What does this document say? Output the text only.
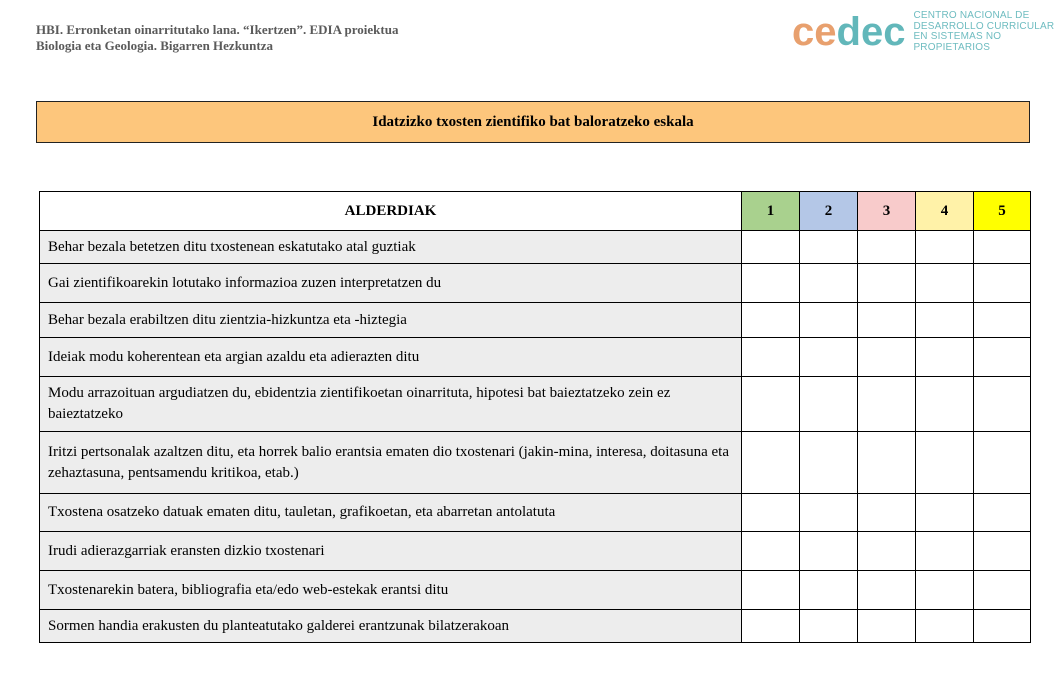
HBI. Erronketan oinarritutako lana. “Ikertzen”. EDIA proiektua
Biologia eta Geologia. Bigarren Hezkuntza	cedec CENTRO NACIONAL DE
DESARROLLO CURRICULAR
EN SISTEMAS NO PROPIETARIOS
Idatzizko txosten zientifiko bat baloratzeko eskala
ALDERDIAK	1	2	3	4	5
Behar bezala betetzen ditu txostenean eskatutako atal guztiak					
Gai zientifikoarekin lotutako informazioa zuzen interpretatzen du					
Behar bezala erabiltzen ditu zientzia-hizkuntza eta -hiztegia					
Ideiak modu koherentean eta argian azaldu eta adierazten ditu					
Modu arrazoituan argudiatzen du, ebidentzia zientifikoetan oinarrituta, hipotesi bat baieztatzeko zein ez baieztatzeko					
Iritzi pertsonalak azaltzen ditu, eta horrek balio erantsia ematen dio txostenari (jakin-mina, interesa, doitasuna eta zehaztasuna, pentsamendu kritikoa, etab.)					
Txostena osatzeko datuak ematen ditu, tauletan, grafikoetan, eta abarretan antolatuta					
Irudi adierazgarriak eransten dizkio txostenari					
Txostenarekin batera, bibliografia eta/edo web-estekak erantsi ditu					
Sormen handia erakusten du planteatutako galderei erantzunak bilatzerakoan					
